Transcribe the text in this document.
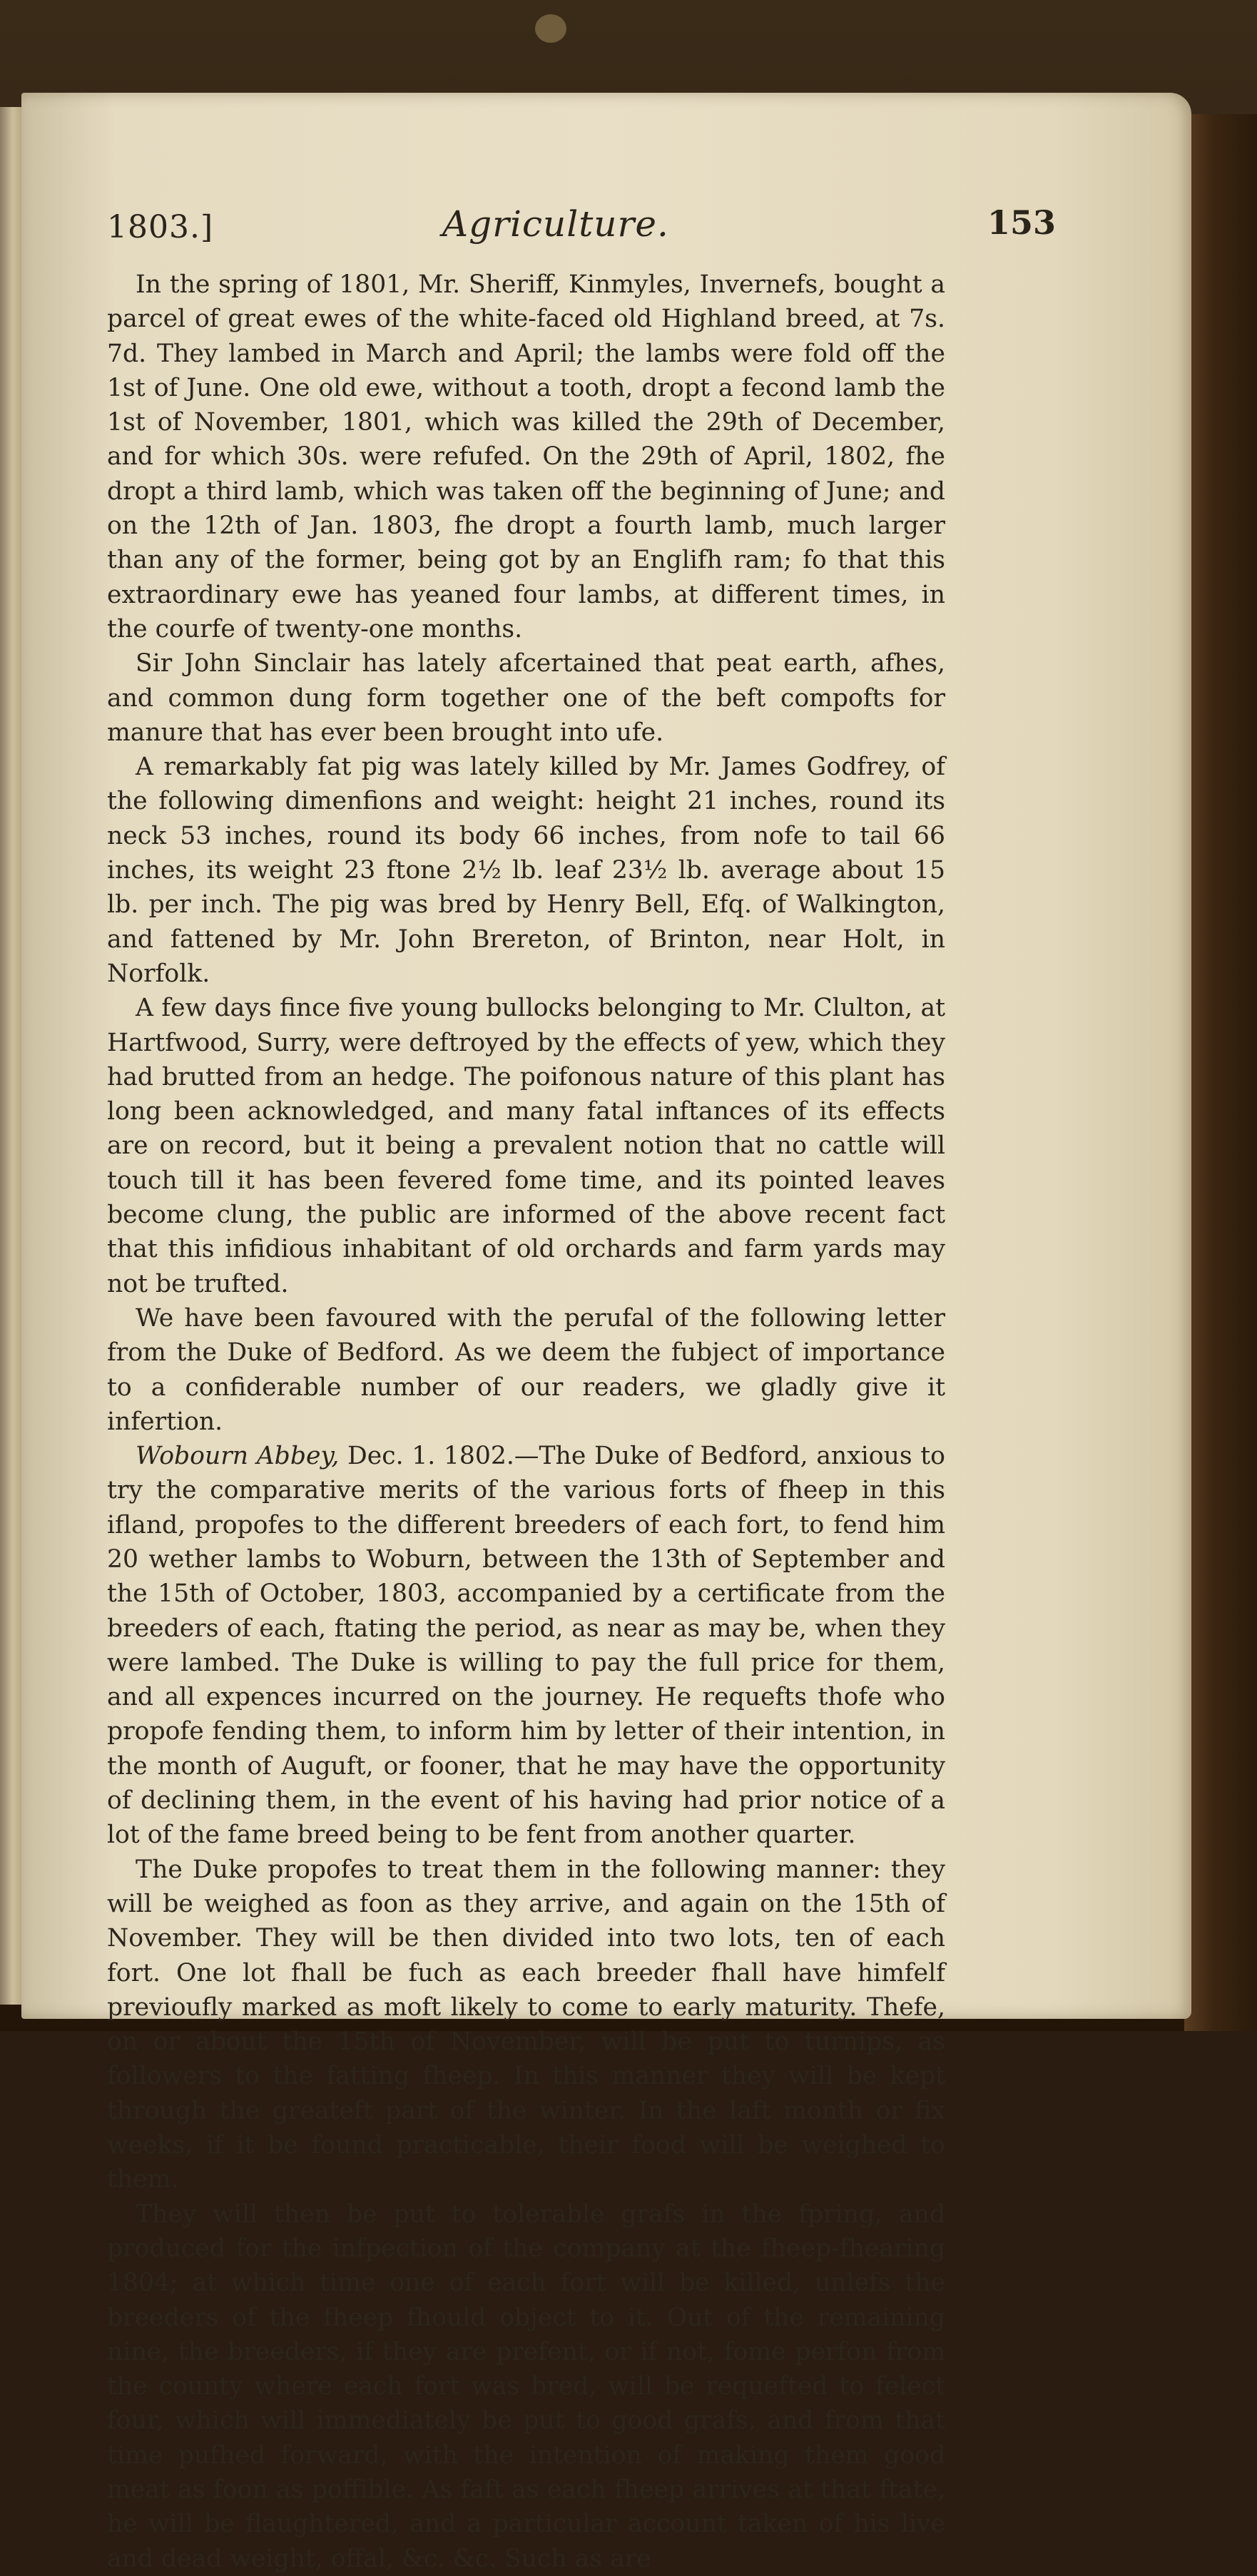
1803.]	Agriculture.	153

In the spring of 1801, Mr. Sheriff, Kinmyles, Invernefs, bought a parcel of great ewes of the white-faced old Highland breed, at 7s. 7d. They lambed in March and April; the lambs were fold off the 1st of June. One old ewe, without a tooth, dropt a fecond lamb the 1st of November, 1801, which was killed the 29th of December, and for which 30s. were refufed. On the 29th of April, 1802, fhe dropt a third lamb, which was taken off the beginning of June; and on the 12th of Jan. 1803, fhe dropt a fourth lamb, much larger than any of the former, being got by an Englifh ram; fo that this extraordinary ewe has yeaned four lambs, at different times, in the courfe of twenty-one months.

Sir John Sinclair has lately afcertained that peat earth, afhes, and common dung form together one of the beft compofts for manure that has ever been brought into ufe.

A remarkably fat pig was lately killed by Mr. James Godfrey, of the following dimenfions and weight: height 21 inches, round its neck 53 inches, round its body 66 inches, from nofe to tail 66 inches, its weight 23 ftone 2½ lb. leaf 23½ lb. average about 15 lb. per inch. The pig was bred by Henry Bell, Efq. of Walkington, and fattened by Mr. John Brereton, of Brinton, near Holt, in Norfolk.

A few days fince five young bullocks belonging to Mr. Clulton, at Hartfwood, Surry, were deftroyed by the effects of yew, which they had brutted from an hedge. The poifonous nature of this plant has long been acknowledged, and many fatal inftances of its effects are on record, but it being a prevalent notion that no cattle will touch till it has been fevered fome time, and its pointed leaves become clung, the public are informed of the above recent fact that this infidious inhabitant of old orchards and farm yards may not be trufted.

We have been favoured with the perufal of the following letter from the Duke of Bedford. As we deem the fubject of importance to a confiderable number of our readers, we gladly give it infertion.

Wobourn Abbey, Dec. 1. 1802.—The Duke of Bedford, anxious to try the comparative merits of the various forts of fheep in this ifland, propofes to the different breeders of each fort, to fend him 20 wether lambs to Woburn, between the 13th of September and the 15th of October, 1803, accompanied by a certificate from the breeders of each, ftating the period, as near as may be, when they were lambed. The Duke is willing to pay the full price for them, and all expences incurred on the journey. He requefts thofe who propofe fending them, to inform him by letter of their intention, in the month of Auguft, or fooner, that he may have the opportunity of declining them, in the event of his having had prior notice of a lot of the fame breed being to be fent from another quarter.

The Duke propofes to treat them in the following manner: they will be weighed as foon as they arrive, and again on the 15th of November. They will be then divided into two lots, ten of each fort. One lot fhall be fuch as each breeder fhall have himfelf previoufly marked as moft likely to come to early maturity. Thefe, on or about the 15th of November, will be put to turnips, as followers to the fatting fheep. In this manner they will be kept through the greateft part of the winter. In the laft month or fix weeks, if it be found practicable, their food will be weighed to them.

They will then be put to tolerable grafs in the fpring, and produced for the infpection of the company at the fheep-fhearing 1804; at which time one of each fort will be killed, unlefs the breeders of the fheep fhould object to it. Out of the remaining nine, the breeders, if they are prefent, or if not, fome perfon from the county where each fort was bred, will be requefted to felect four, which will immediately be put to good grafs, and from that time pufhed forward, with the intention of making them good meat as foon as poffible. As faft as each fheep arrives at that ftate, he will be flaughtered, and a particular account taken of his live and dead weight, offal, &c. &c. Such as are
